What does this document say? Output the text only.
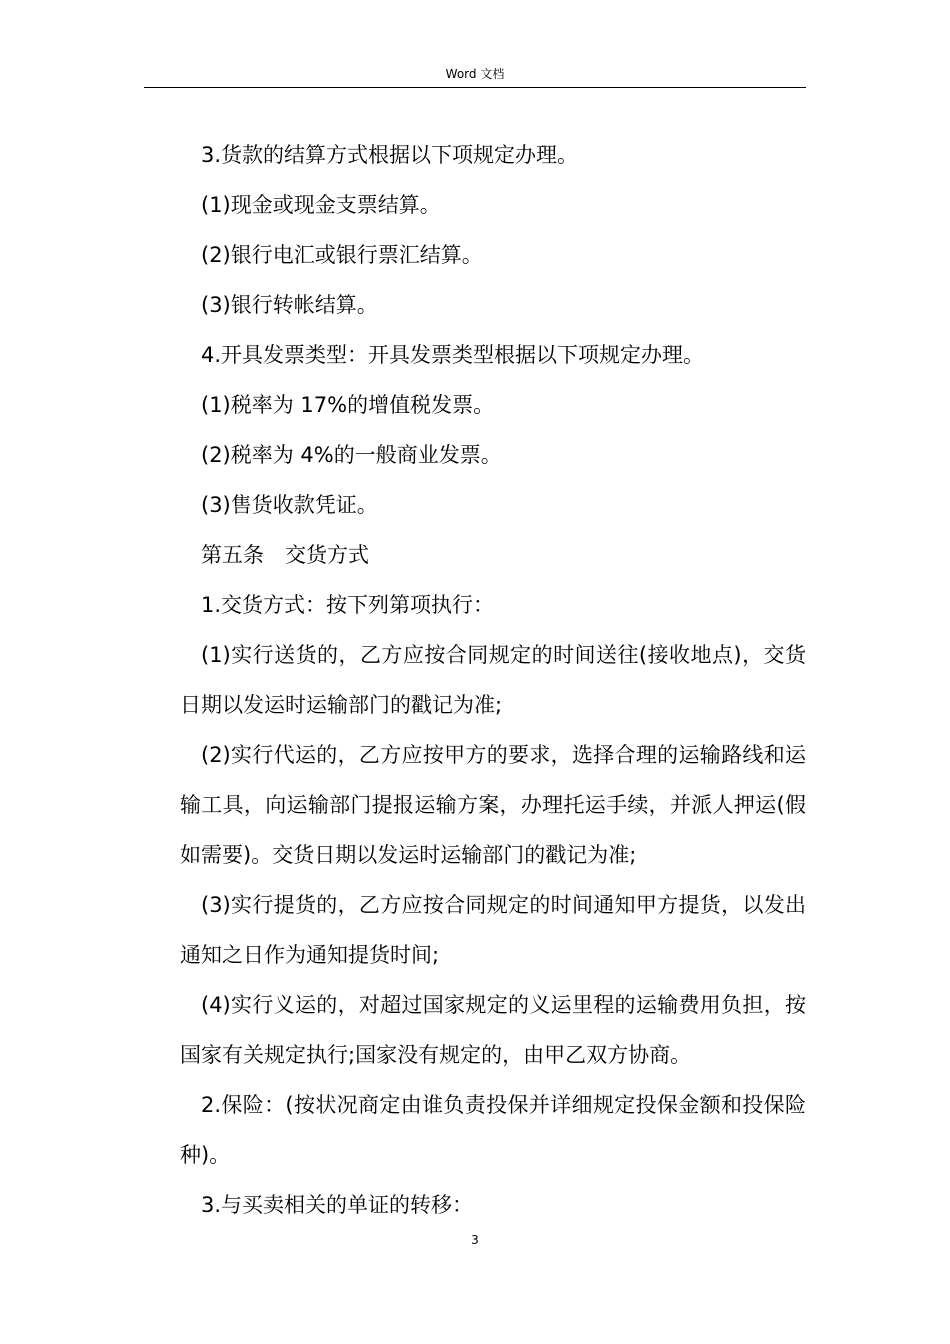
Word 文档

3.货款的结算方式根据以下项规定办理。

(1)现金或现金支票结算。

(2)银行电汇或银行票汇结算。

(3)银行转帐结算。

4.开具发票类型：开具发票类型根据以下项规定办理。

(1)税率为 17%的增值税发票。

(2)税率为 4%的一般商业发票。

(3)售货收款凭证。

第五条　交货方式

1.交货方式：按下列第项执行：

(1)实行送货的，乙方应按合同规定的时间送往(接收地点)，交货日期以发运时运输部门的戳记为准;

(2)实行代运的，乙方应按甲方的要求，选择合理的运输路线和运输工具，向运输部门提报运输方案，办理托运手续，并派人押运(假如需要)。交货日期以发运时运输部门的戳记为准;

(3)实行提货的，乙方应按合同规定的时间通知甲方提货，以发出通知之日作为通知提货时间;

(4)实行义运的，对超过国家规定的义运里程的运输费用负担，按国家有关规定执行;国家没有规定的，由甲乙双方协商。

2.保险：(按状况商定由谁负责投保并详细规定投保金额和投保险种)。

3.与买卖相关的单证的转移：

3
